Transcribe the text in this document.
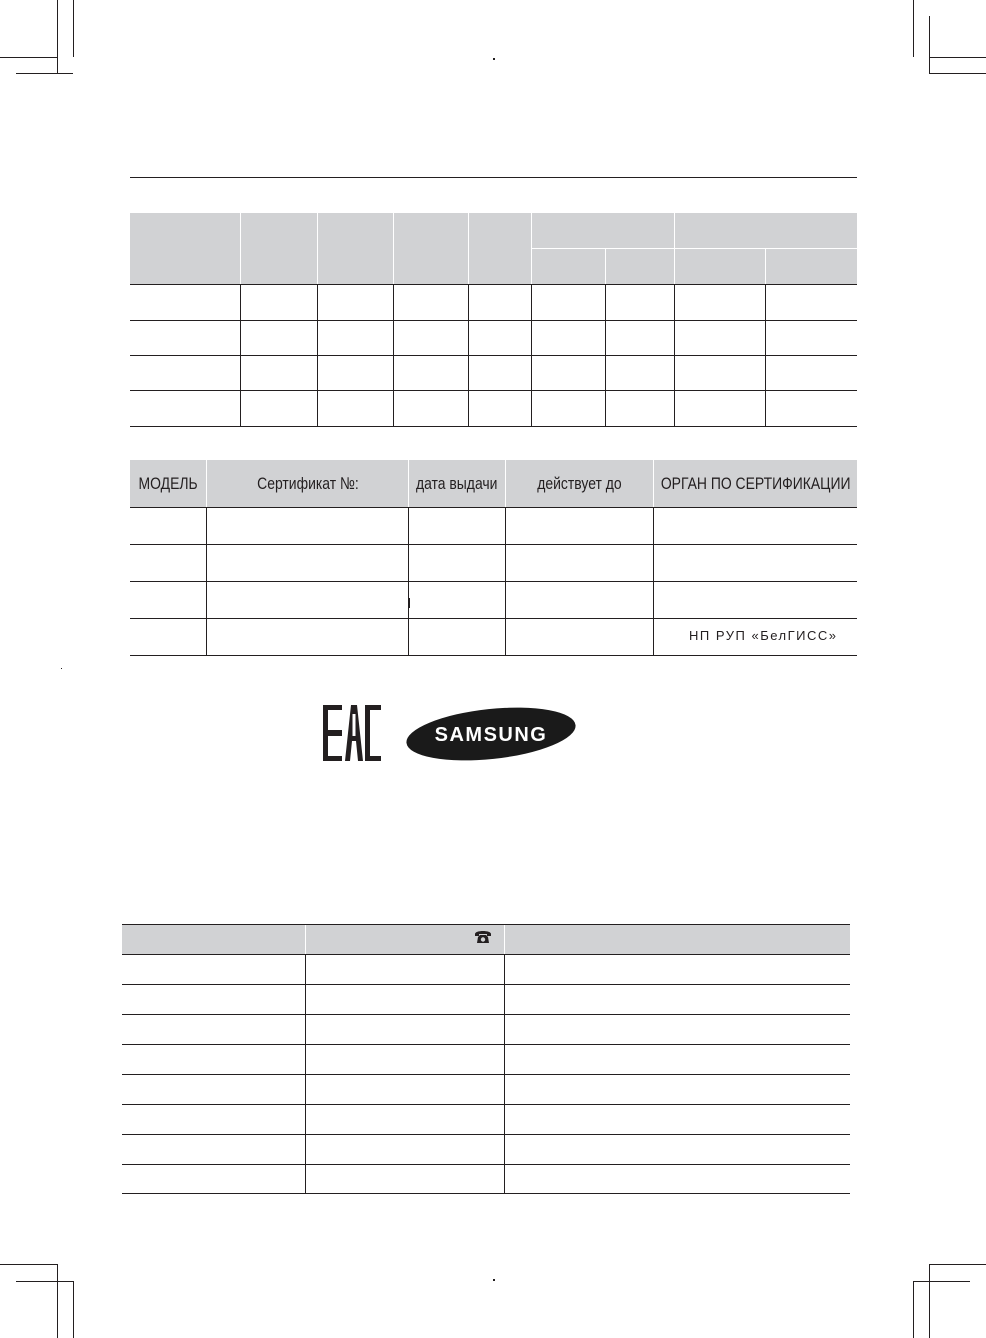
МОДЕЛЬ	Сертификат №:	дата выдачи действует до ОРГАН ПО СЕРТИФИКАЦИИ
НП РУП «БелГИСС»
EAC
SAMSUNG
